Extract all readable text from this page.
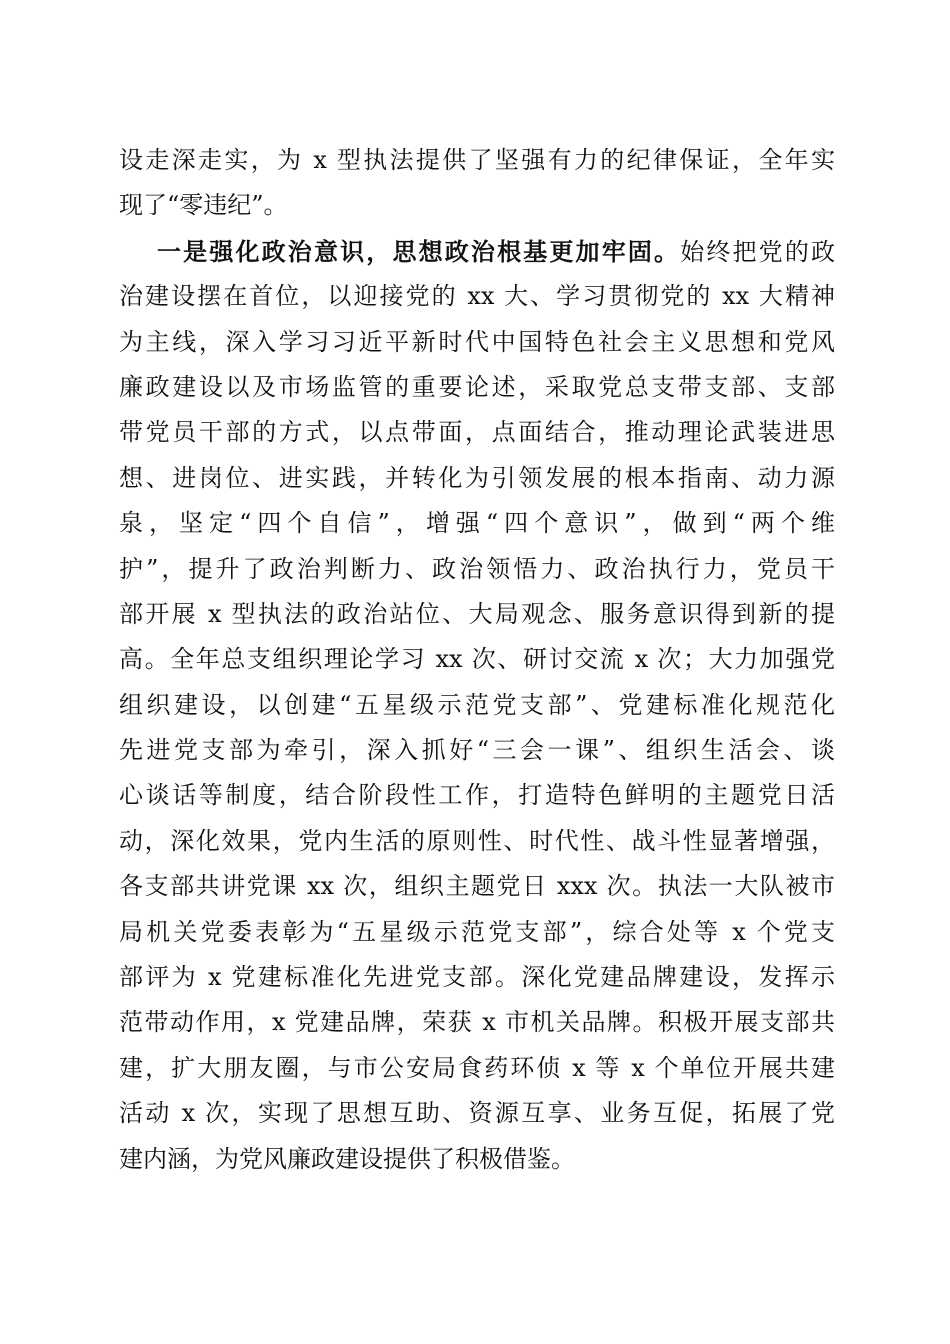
设走深走实，为 x 型执法提供了坚强有力的纪律保证，全年实
现了“零违纪”。
一是强化政治意识，思想政治根基更加牢固。始终把党的政
治建设摆在首位，以迎接党的 xx 大、学习贯彻党的 xx 大精神
为主线，深入学习习近平新时代中国特色社会主义思想和党风
廉政建设以及市场监管的重要论述，采取党总支带支部、支部
带党员干部的方式，以点带面，点面结合，推动理论武装进思
想、进岗位、进实践，并转化为引领发展的根本指南、动力源
泉，坚定“四个自信”，增强“四个意识”，做到“两个维
护”，提升了政治判断力、政治领悟力、政治执行力，党员干
部开展 x 型执法的政治站位、大局观念、服务意识得到新的提
高。全年总支组织理论学习 xx 次、研讨交流 x 次；大力加强党
组织建设，以创建“五星级示范党支部”、党建标准化规范化
先进党支部为牵引，深入抓好“三会一课”、组织生活会、谈
心谈话等制度，结合阶段性工作，打造特色鲜明的主题党日活
动，深化效果，党内生活的原则性、时代性、战斗性显著增强，
各支部共讲党课 xx 次，组织主题党日 xxx 次。执法一大队被市
局机关党委表彰为“五星级示范党支部”，综合处等 x 个党支
部评为 x 党建标准化先进党支部。深化党建品牌建设，发挥示
范带动作用，x 党建品牌，荣获 x 市机关品牌。积极开展支部共
建，扩大朋友圈，与市公安局食药环侦 x 等 x 个单位开展共建
活动 x 次，实现了思想互助、资源互享、业务互促，拓展了党
建内涵，为党风廉政建设提供了积极借鉴。
